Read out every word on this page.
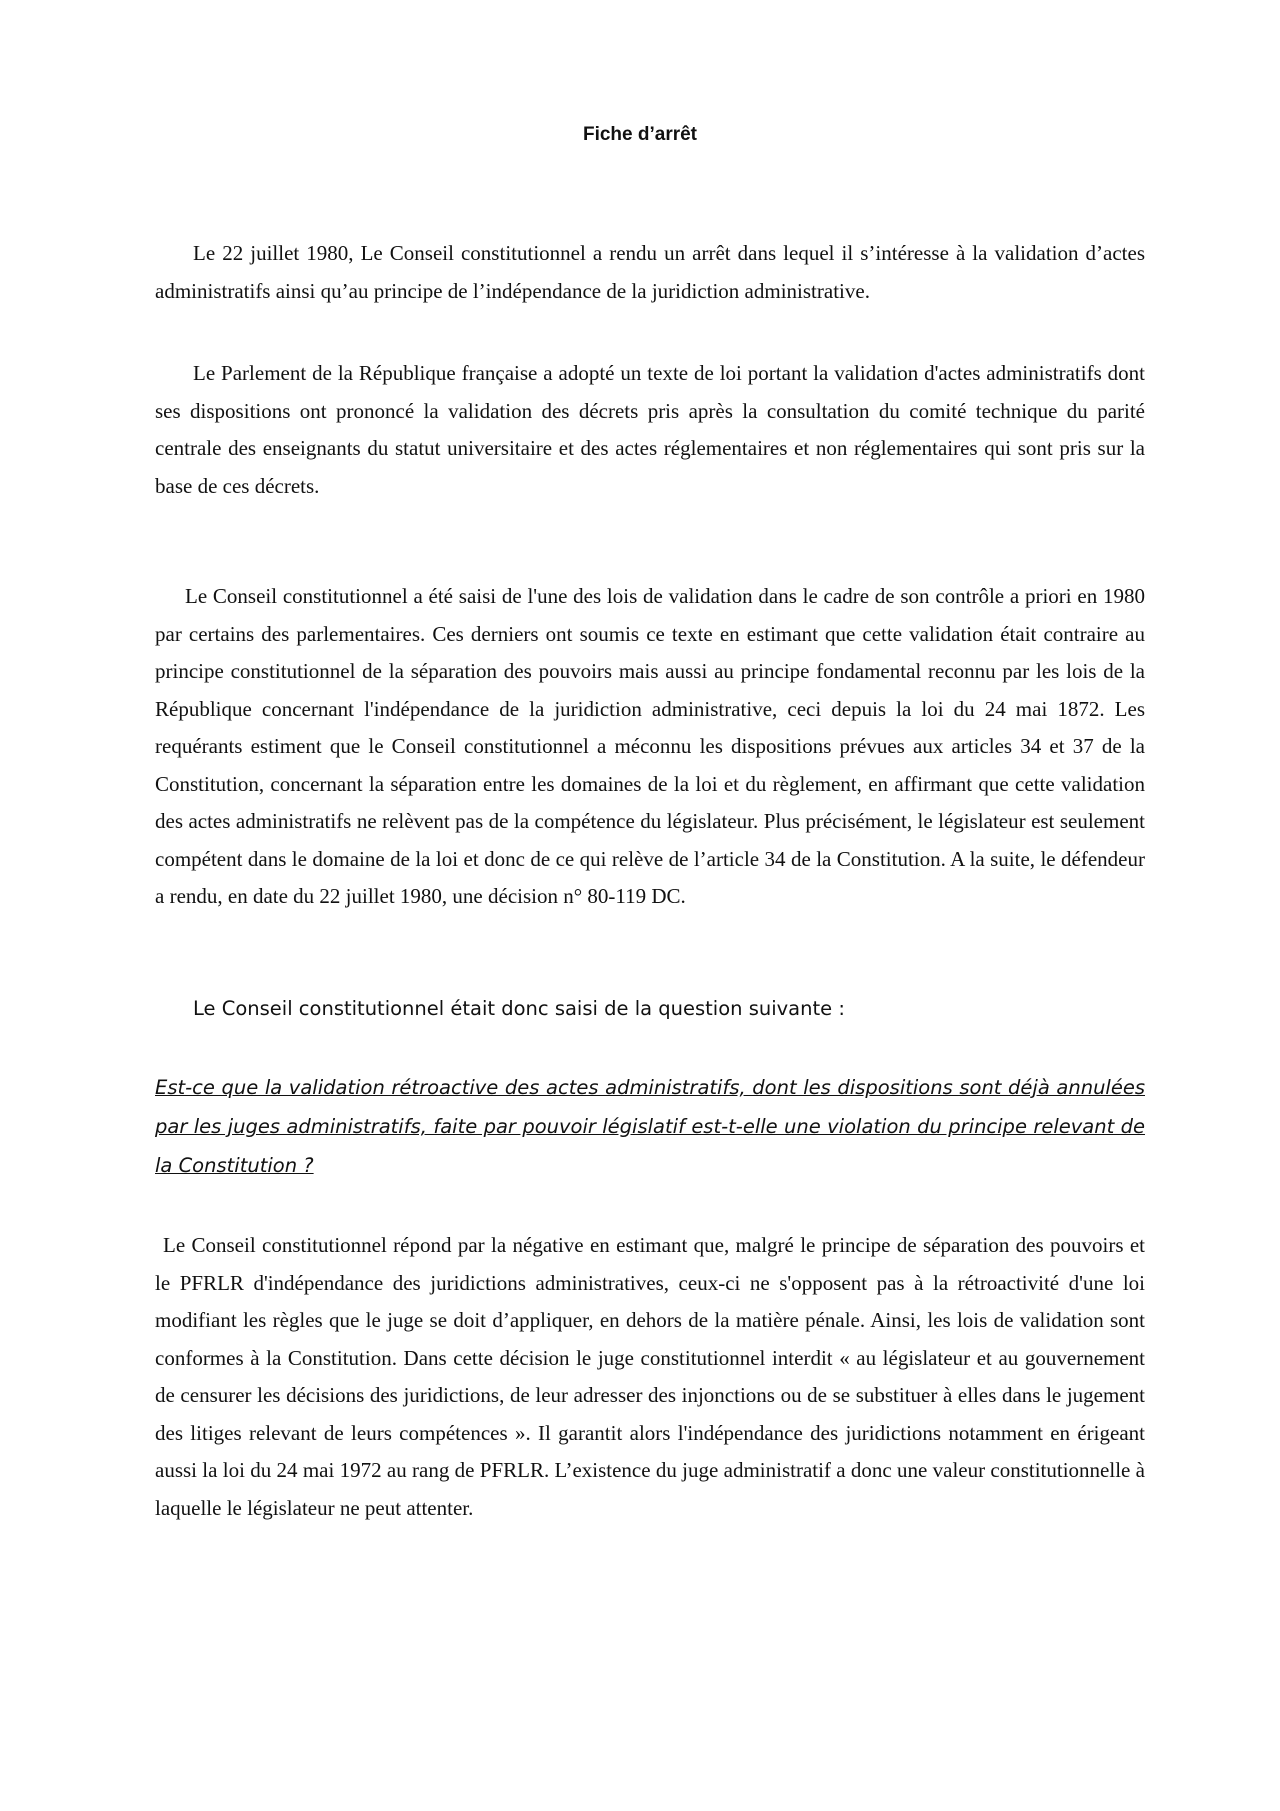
Fiche d’arrêt

Le 22 juillet 1980, Le Conseil constitutionnel a rendu un arrêt dans lequel il s’intéresse à la validation d’actes administratifs ainsi qu’au principe de l’indépendance de la juridiction administrative.

Le Parlement de la République française a adopté un texte de loi portant la validation d'actes administratifs dont ses dispositions ont prononcé la validation des décrets pris après la consultation du comité technique du parité centrale des enseignants du statut universitaire et des actes réglementaires et non réglementaires qui sont pris sur la base de ces décrets.

Le Conseil constitutionnel a été saisi de l'une des lois de validation dans le cadre de son contrôle a priori en 1980 par certains des parlementaires. Ces derniers ont soumis ce texte en estimant que cette validation était contraire au principe constitutionnel de la séparation des pouvoirs mais aussi au principe fondamental reconnu par les lois de la République concernant l'indépendance de la juridiction administrative, ceci depuis la loi du 24 mai 1872. Les requérants estiment que le Conseil constitutionnel a méconnu les dispositions prévues aux articles 34 et 37 de la Constitution, concernant la séparation entre les domaines de la loi et du règlement, en affirmant que cette validation des actes administratifs ne relèvent pas de la compétence du législateur. Plus précisément, le législateur est seulement compétent dans le domaine de la loi et donc de ce qui relève de l’article 34 de la Constitution. A la suite, le défendeur a rendu, en date du 22 juillet 1980, une décision n° 80-119 DC.

Le Conseil constitutionnel était donc saisi de la question suivante :

Est-ce que la validation rétroactive des actes administratifs, dont les dispositions sont déjà annulées par les juges administratifs, faite par pouvoir législatif est-t-elle une violation du principe relevant de la Constitution ?

Le Conseil constitutionnel répond par la négative en estimant que, malgré le principe de séparation des pouvoirs et le PFRLR d'indépendance des juridictions administratives, ceux-ci ne s'opposent pas à la rétroactivité d'une loi modifiant les règles que le juge se doit d’appliquer, en dehors de la matière pénale. Ainsi, les lois de validation sont conformes à la Constitution. Dans cette décision le juge constitutionnel interdit « au législateur et au gouvernement de censurer les décisions des juridictions, de leur adresser des injonctions ou de se substituer à elles dans le jugement des litiges relevant de leurs compétences ». Il garantit alors l'indépendance des juridictions notamment en érigeant aussi la loi du 24 mai 1972 au rang de PFRLR. L’existence du juge administratif a donc une valeur constitutionnelle à laquelle le législateur ne peut attenter.
